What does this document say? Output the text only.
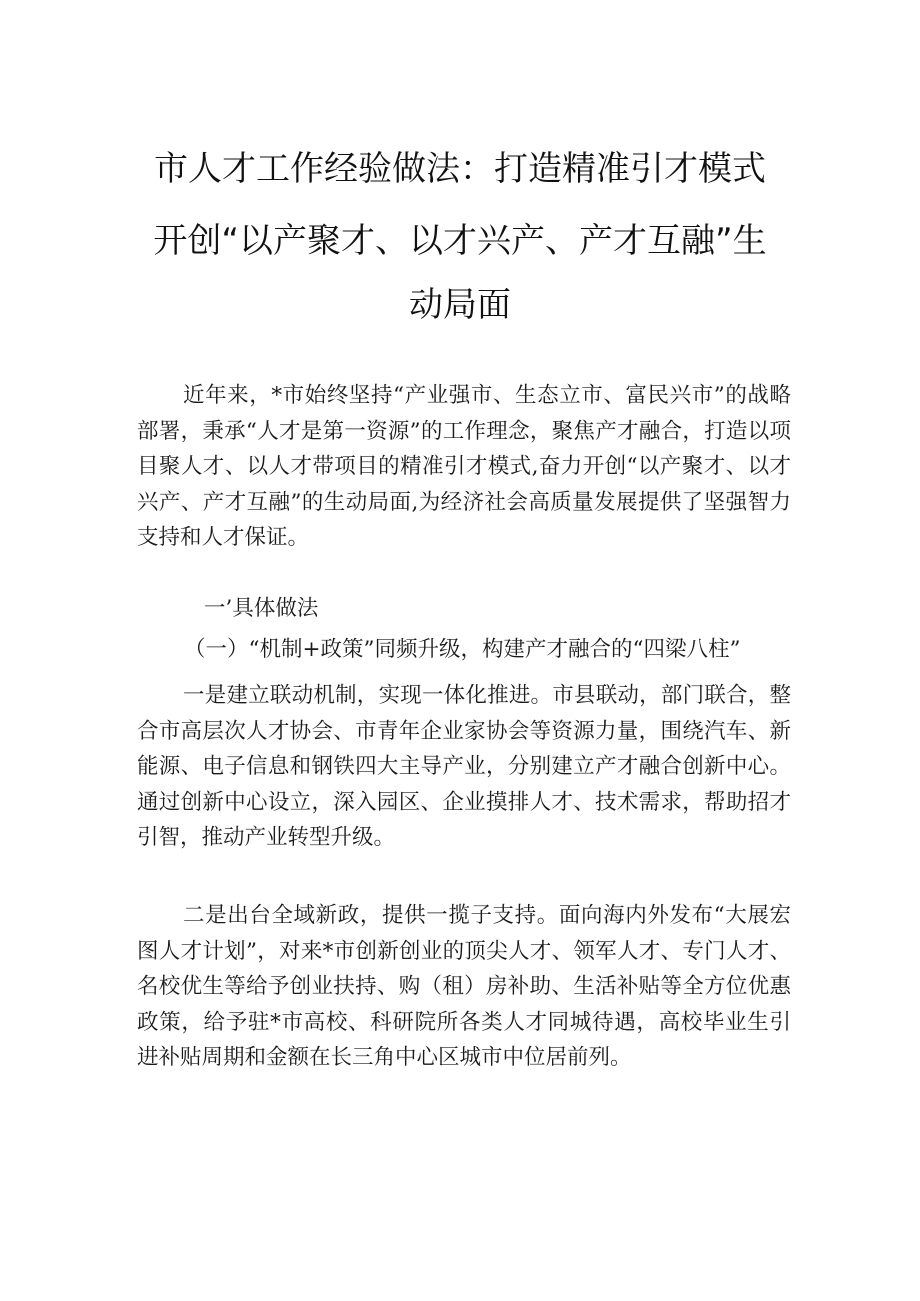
市人才工作经验做法：打造精准引才模式
开创“以产聚才、以才兴产、产才互融”生
动局面

近年来，*市始终坚持“产业强市、生态立市、富民兴市”的战略部署，秉承“人才是第一资源”的工作理念，聚焦产才融合，打造以项目聚人才、以人才带项目的精准引才模式,奋力开创“以产聚才、以才兴产、产才互融”的生动局面,为经济社会高质量发展提供了坚强智力支持和人才保证。

一’具体做法

（一）“机制+政策”同频升级，构建产才融合的“四梁八柱”

一是建立联动机制，实现一体化推进。市县联动，部门联合，整合市高层次人才协会、市青年企业家协会等资源力量，围绕汽车、新能源、电子信息和钢铁四大主导产业，分别建立产才融合创新中心。通过创新中心设立，深入园区、企业摸排人才、技术需求，帮助招才引智，推动产业转型升级。

二是出台全域新政，提供一揽子支持。面向海内外发布“大展宏图人才计划”，对来*市创新创业的顶尖人才、领军人才、专门人才、名校优生等给予创业扶持、购（租）房补助、生活补贴等全方位优惠政策，给予驻*市高校、科研院所各类人才同城待遇，高校毕业生引进补贴周期和金额在长三角中心区城市中位居前列。
